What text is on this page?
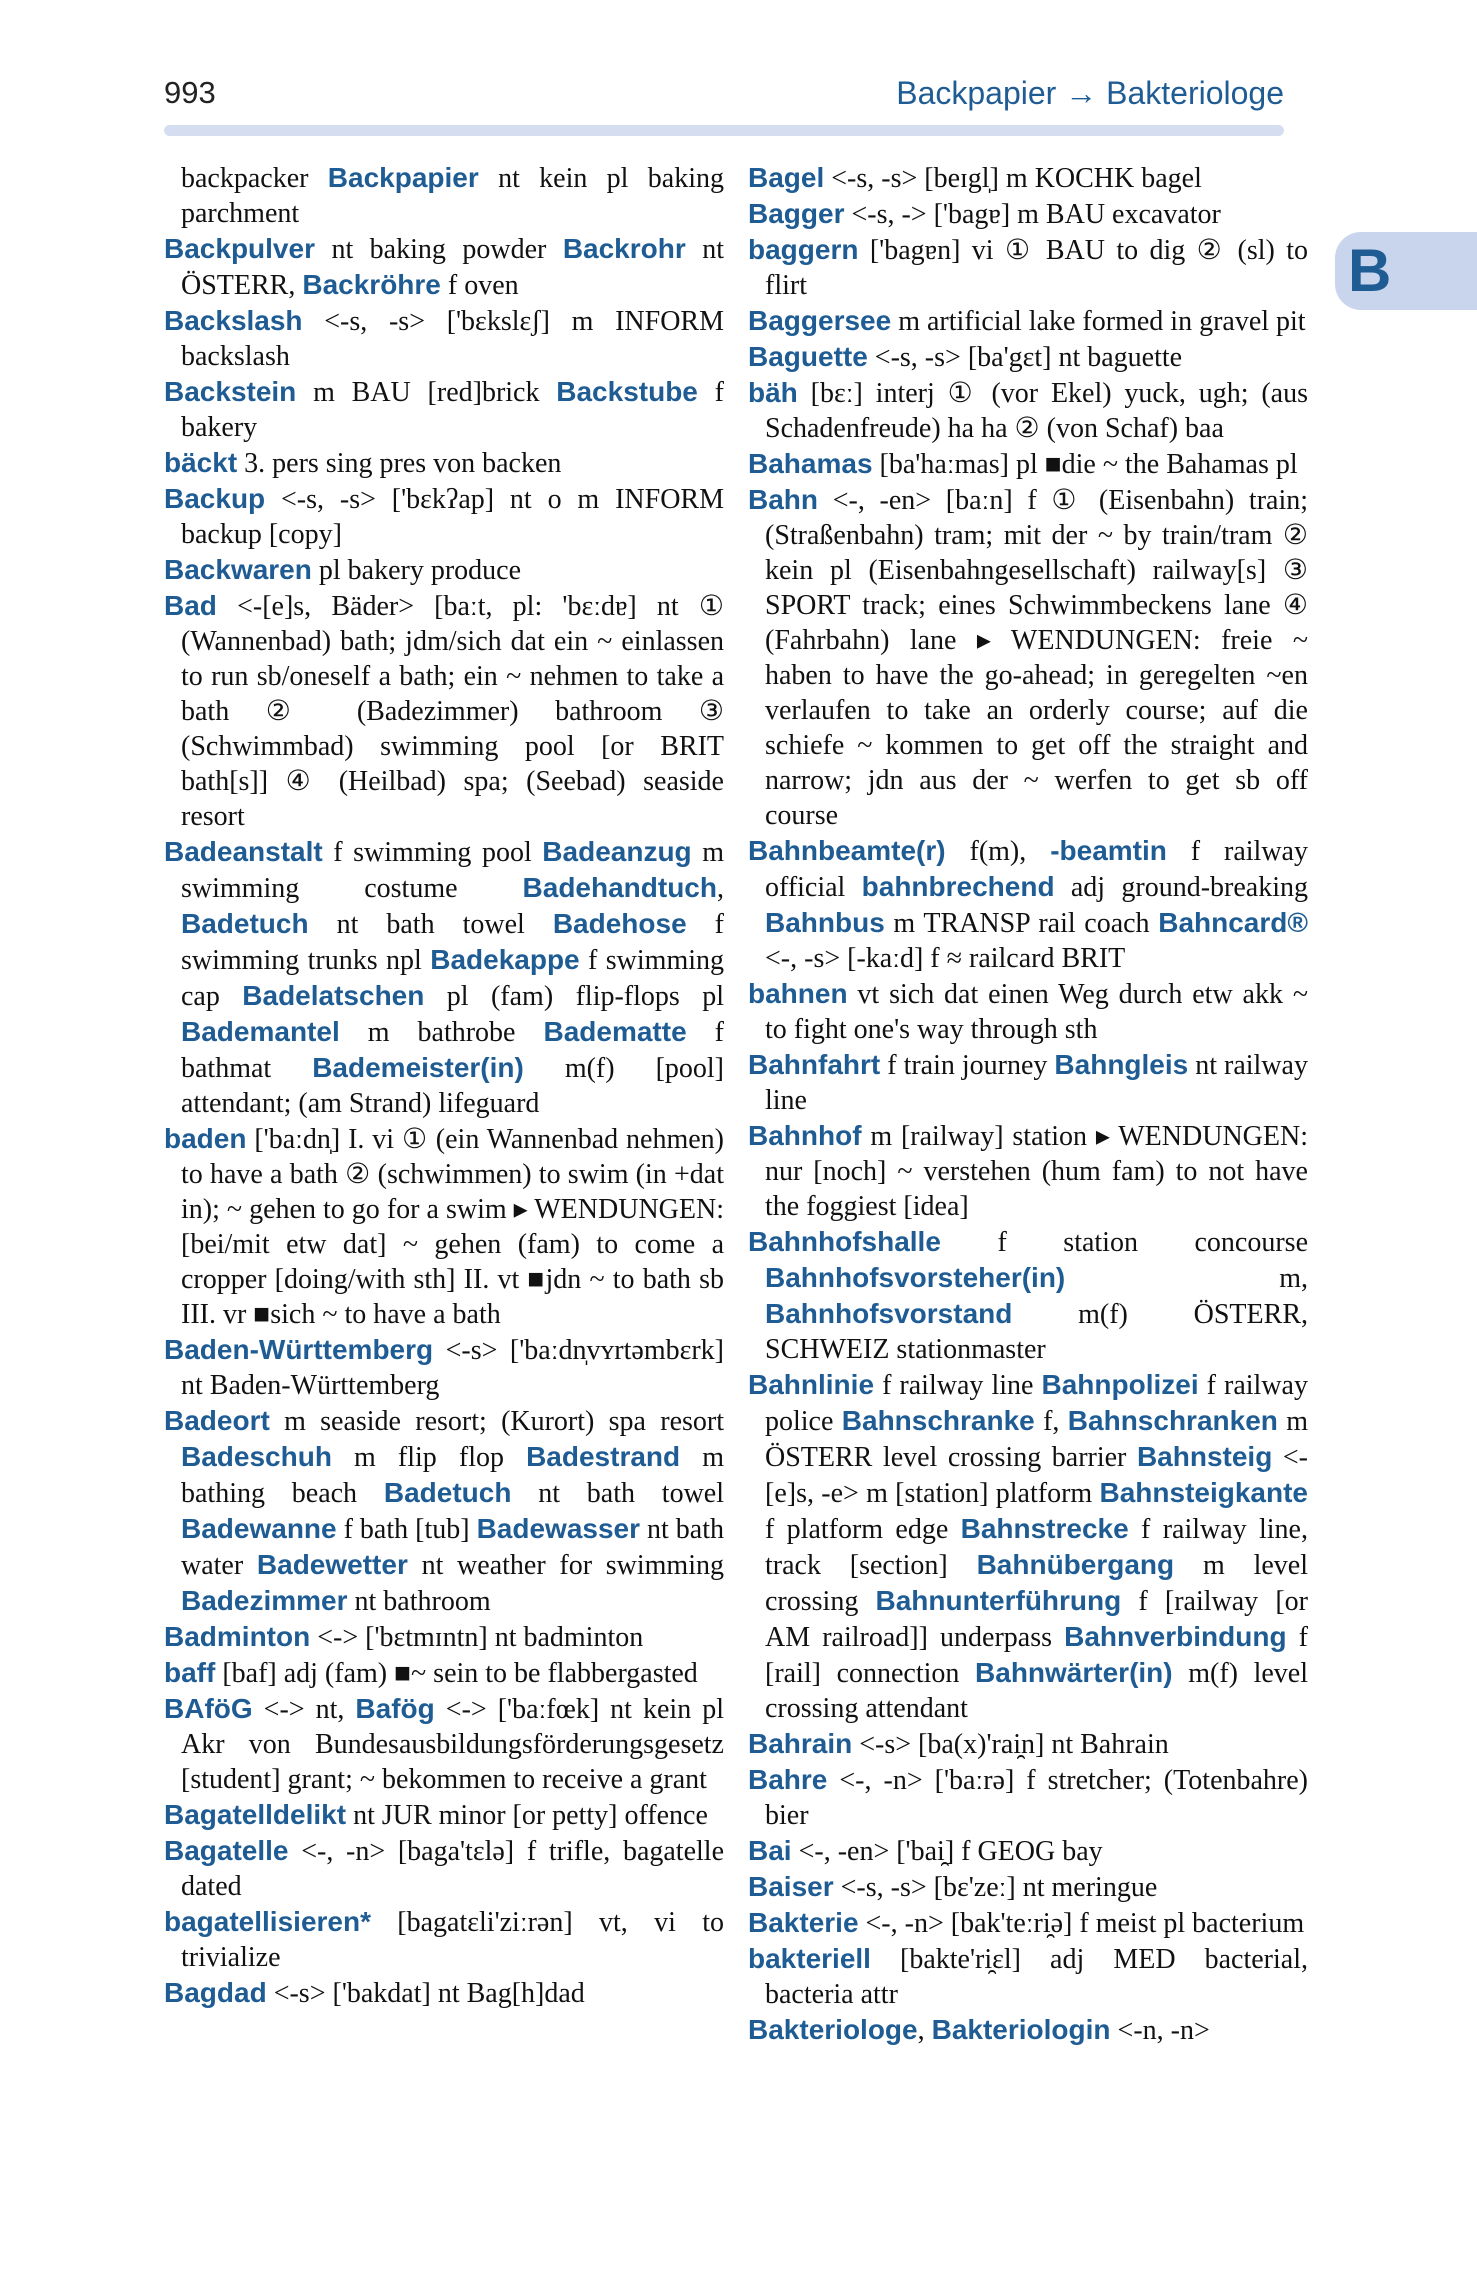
993	Backpapier → Bakteriologe
B
backpacker Backpapier nt kein pl baking parchment
Backpulver nt baking powder Backrohr nt ÖSTERR, Backröhre f oven
Backslash <-s, -s> ['bɛkslɛʃ] m INFORM backslash
Backstein m BAU [red]brick Backstube f bakery
bäckt 3. pers sing pres von backen
Backup <-s, -s> ['bɛkʔap] nt o m INFORM backup [copy]
Backwaren pl bakery produce
Bad <-[e]s, Bäder> [baːt, pl: 'bɛːdɐ] nt ① (Wannenbad) bath; jdm/sich dat ein ~ einlassen to run sb/oneself a bath; ein ~ nehmen to take a bath ② (Badezimmer) bathroom ③ (Schwimmbad) swimming pool [or BRIT bath[s]] ④ (Heilbad) spa; (Seebad) seaside resort
Badeanstalt f swimming pool Badeanzug m swimming costume Badehandtuch, Badetuch nt bath towel Badehose f swimming trunks npl Badekappe f swimming cap Badelatschen pl (fam) flip-flops pl Bademantel m bathrobe Badematte f bathmat Bademeister(in) m(f) [pool] attendant; (am Strand) lifeguard
baden ['baːdn̩] I. vi ① (ein Wannenbad nehmen) to have a bath ② (schwimmen) to swim (in +dat in); ~ gehen to go for a swim ▸ WENDUNGEN: [bei/mit etw dat] ~ gehen (fam) to come a cropper [doing/with sth] II. vt ■jdn ~ to bath sb III. vr ■sich ~ to have a bath
Baden-Württemberg <-s> ['baːdn̩vʏrtəmbɛrk] nt Baden-Württemberg
Badeort m seaside resort; (Kurort) spa resort Badeschuh m flip flop Badestrand m bathing beach Badetuch nt bath towel Badewanne f bath [tub] Badewasser nt bath water Badewetter nt weather for swimming Badezimmer nt bathroom
Badminton <-> ['bɛtmɪntn] nt badminton
baff [baf] adj (fam) ■~ sein to be flabbergasted
BAföG <-> nt, Bafög <-> ['baːfœk] nt kein pl Akr von Bundesausbildungsförderungsgesetz [student] grant; ~ bekommen to receive a grant
Bagatelldelikt nt JUR minor [or petty] offence
Bagatelle <-, -n> [baga'tɛlə] f trifle, bagatelle dated
bagatellisieren* [bagatɛli'ziːrən] vt, vi to trivialize
Bagdad <-s> ['bakdat] nt Bag[h]dad
Bagel <-s, -s> [beɪgl̩] m KOCHK bagel
Bagger <-s, -> ['bagɐ] m BAU excavator
baggern ['bagɐn] vi ① BAU to dig ② (sl) to flirt
Baggersee m artificial lake formed in gravel pit
Baguette <-s, -s> [ba'gɛt] nt baguette
bäh [bɛː] interj ① (vor Ekel) yuck, ugh; (aus Schadenfreude) ha ha ② (von Schaf) baa
Bahamas [ba'haːmas] pl ■die ~ the Bahamas pl
Bahn <-, -en> [baːn] f ① (Eisenbahn) train; (Straßenbahn) tram; mit der ~ by train/tram ② kein pl (Eisenbahngesellschaft) railway[s] ③ SPORT track; eines Schwimmbeckens lane ④ (Fahrbahn) lane ▸ WENDUNGEN: freie ~ haben to have the go-ahead; in geregelten ~en verlaufen to take an orderly course; auf die schiefe ~ kommen to get off the straight and narrow; jdn aus der ~ werfen to get sb off course
Bahnbeamte(r) f(m), -beamtin f railway official bahnbrechend adj ground-breaking Bahnbus m TRANSP rail coach Bahncard® <-, -s> [-kaːd] f ≈ railcard BRIT
bahnen vt sich dat einen Weg durch etw akk ~ to fight one's way through sth
Bahnfahrt f train journey Bahngleis nt railway line
Bahnhof m [railway] station ▸ WENDUNGEN: nur [noch] ~ verstehen (hum fam) to not have the foggiest [idea]
Bahnhofshalle f station concourse Bahnhofsvorsteher(in) m, Bahnhofsvorstand m(f) ÖSTERR, SCHWEIZ stationmaster
Bahnlinie f railway line Bahnpolizei f railway police Bahnschranke f, Bahnschranken m ÖSTERR level crossing barrier Bahnsteig <-[e]s, -e> m [station] platform Bahnsteigkante f platform edge Bahnstrecke f railway line, track [section] Bahnübergang m level crossing Bahnunterführung f [railway [or AM railroad]] underpass Bahnverbindung f [rail] connection Bahnwärter(in) m(f) level crossing attendant
Bahrain <-s> [ba(x)'rai̯n] nt Bahrain
Bahre <-, -n> ['baːrə] f stretcher; (Totenbahre) bier
Bai <-, -en> ['bai̯] f GEOG bay
Baiser <-s, -s> [bɛ'zeː] nt meringue
Bakterie <-, -n> [bak'teːri̯ə] f meist pl bacterium
bakteriell [bakte'ri̯ɛl] adj MED bacterial, bacteria attr
Bakteriologe, Bakteriologin <-n, -n>
